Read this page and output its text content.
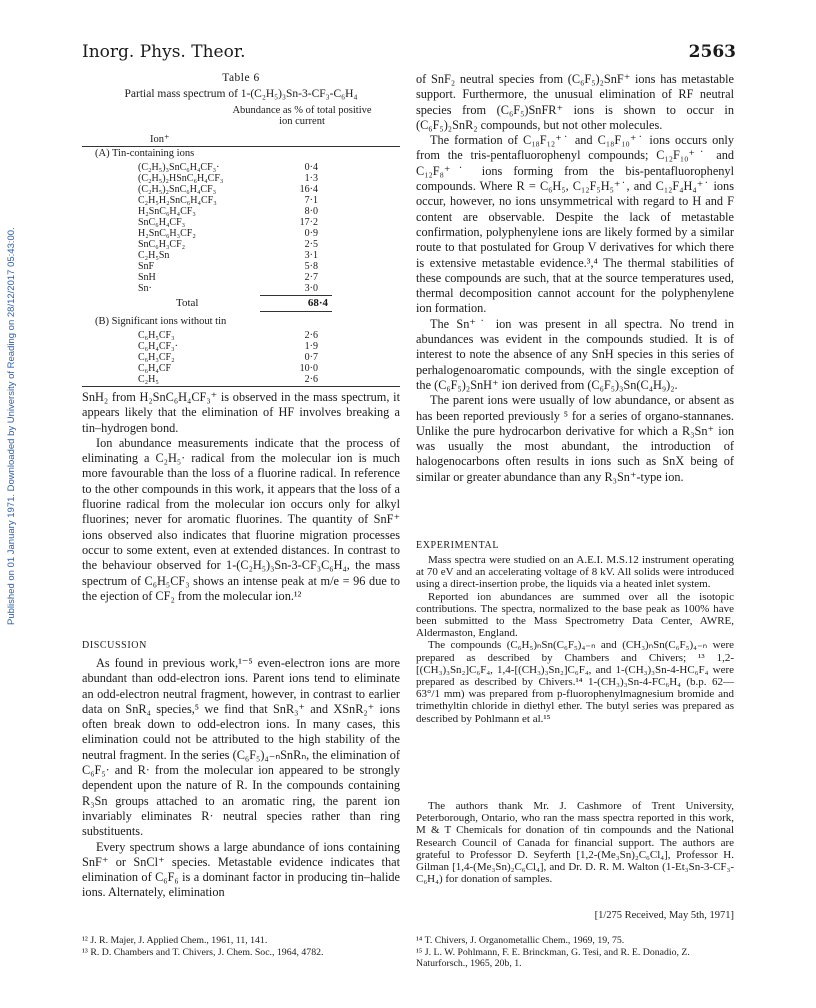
Published on 01 January 1971. Downloaded by University of Reading on 28/12/2017 05:43:00.
Inorg. Phys. Theor.	2563
Table 6
Partial mass spectrum of 1-(C₂H₅)₃Sn-3-CF₃-C₆H₄
Abundance as % of total positive ion current
Ion⁺
(A) Tin-containing ions
(C₂H₅)₃SnC₆H₄CF₃·	0·4
(C₂H₅)₂HSnC₆H₄CF₃	1·3
(C₂H₅)₂SnC₆H₄CF₃	16·4
C₂H₅H₂SnC₆H₄CF₃	7·1
H₂SnC₆H₄CF₃	8·0
SnC₆H₄CF₃	17·2
H₂SnC₆H₃CF₂	0·9
SnC₆H₃CF₂	2·5
C₂H₅Sn	3·1
SnF	5·8
SnH	2·7
Sn·	3·0
Total	68·4
(B) Significant ions without tin
C₆H₅CF₃	2·6
C₆H₄CF₃·	1·9
C₆H₃CF₂	0·7
C₆H₄CF	10·0
C₂H₅	2·6

SnH₂ from H₂SnC₆H₄CF₃⁺ is observed in the mass spectrum, it appears likely that the elimination of HF involves breaking a tin–hydrogen bond.

Ion abundance measurements indicate that the process of eliminating a C₂H₅· radical from the molecular ion is much more favourable than the loss of a fluorine radical. In reference to the other compounds in this work, it appears that the loss of a fluorine radical from the molecular ion occurs only for alkyl fluorines; never for aromatic fluorines. The quantity of SnF⁺ ions observed also indicates that fluorine migration processes occur to some extent, even at extended distances. In contrast to the behaviour observed for 1-(C₂H₅)₃Sn-3-CF₃C₆H₄, the mass spectrum of C₆H₅CF₃ shows an intense peak at m/e = 96 due to the ejection of CF₂ from the molecular ion.¹²

DISCUSSION

As found in previous work,¹⁻⁵ even-electron ions are more abundant than odd-electron ions. Parent ions tend to eliminate an odd-electron neutral fragment, however, in contrast to earlier data on SnR₄ species,⁵ we find that SnR₃⁺ and XSnR₂⁺ ions often break down to odd-electron ions. In many cases, this elimination could not be attributed to the high stability of the neutral fragment. In the series (C₆F₅)₄₋ₙSnRₙ, the elimination of C₆F₅· and R· from the molecular ion appeared to be strongly dependent upon the nature of R. In the compounds containing R₃Sn groups attached to an aromatic ring, the parent ion invariably eliminates R· neutral species rather than ring substituents.

Every spectrum shows a large abundance of ions containing SnF⁺ or SnCl⁺ species. Metastable evidence indicates that elimination of C₆F₆ is a dominant factor in producing tin–halide ions. Alternately, elimination

¹² J. R. Majer, J. Applied Chem., 1961, 11, 141.

¹³ R. D. Chambers and T. Chivers, J. Chem. Soc., 1964, 4782.

of SnF₂ neutral species from (C₆F₅)₂SnF⁺ ions has metastable support. Furthermore, the unusual elimination of RF neutral species from (C₆F₅)SnFR⁺ ions is shown to occur in (C₆F₅)₂SnR₂ compounds, but not other molecules.

The formation of C₁₈F₁₂⁺˙ and C₁₈F₁₀⁺˙ ions occurs only from the tris-pentafluorophenyl compounds; C₁₂F₁₀⁺˙ and C₁₂F₈⁺˙ ions forming from the bis-pentafluorophenyl compounds. Where R = C₆H₅, C₁₂F₅H₅⁺˙, and C₁₂F₄H₄⁺˙ ions occur, however, no ions unsymmetrical with regard to H and F content are observable. Despite the lack of metastable confirmation, polyphenylene ions are likely formed by a similar route to that postulated for Group V derivatives for which there is extensive metastable evidence.³,⁴ The thermal stabilities of these compounds are such, that at the source temperatures used, thermal decomposition cannot account for the polyphenylene ion formation.

The Sn⁺˙ ion was present in all spectra. No trend in abundances was evident in the compounds studied. It is of interest to note the absence of any SnH species in this series of perhalogenoaromatic compounds, with the single exception of the (C₆F₅)₂SnH⁺ ion derived from (C₆F₅)₃Sn(C₄H₉)₂.

The parent ions were usually of low abundance, or absent as has been reported previously ⁵ for a series of organo-stannanes. Unlike the pure hydrocarbon derivative for which a R₃Sn⁺ ion was usually the most abundant, the introduction of halogenocarbons often results in ions such as SnX being of similar or greater abundance than any R₃Sn⁺-type ion.

EXPERIMENTAL

Mass spectra were studied on an A.E.I. M.S.12 instrument operating at 70 eV and an accelerating voltage of 8 kV. All solids were introduced using a direct-insertion probe, the liquids via a heated inlet system.

Reported ion abundances are summed over all the isotopic contributions. The spectra, normalized to the base peak as 100% have been submitted to the Mass Spectrometry Data Center, AWRE, Aldermaston, England.

The compounds (C₆H₅)ₙSn(C₆F₅)₄₋ₙ and (CH₃)ₙSn(C₆F₅)₄₋ₙ were prepared as described by Chambers and Chivers; ¹³ 1,2-[(CH₃)₃Sn₂]C₆F₄, 1,4-[(CH₃)₃Sn₂]C₆F₄, and 1-(CH₃)₃Sn-4-HC₆F₄ were prepared as described by Chivers.¹⁴ 1-(CH₃)₃Sn-4-FC₆H₄ (b.p. 62—63°/1 mm) was prepared from p-fluorophenylmagnesium bromide and trimethyltin chloride in diethyl ether. The butyl series was prepared as described by Pohlmann et al.¹⁵

The authors thank Mr. J. Cashmore of Trent University, Peterborough, Ontario, who ran the mass spectra reported in this work, M & T Chemicals for donation of tin compounds and the National Research Council of Canada for financial support. The authors are grateful to Professor D. Seyferth [1,2-(Me₃Sn)₂C₆Cl₄], Professor H. Gilman [1,4-(Me₃Sn)₂C₆Cl₄], and Dr. D. R. M. Walton (1-Et₃Sn-3-CF₃-C₆H₄) for donation of samples.

[1/275 Received, May 5th, 1971]

¹⁴ T. Chivers, J. Organometallic Chem., 1969, 19, 75.

¹⁵ J. L. W. Pohlmann, F. E. Brinckman, G. Tesi, and R. E. Donadio, Z. Naturforsch., 1965, 20b, 1.
